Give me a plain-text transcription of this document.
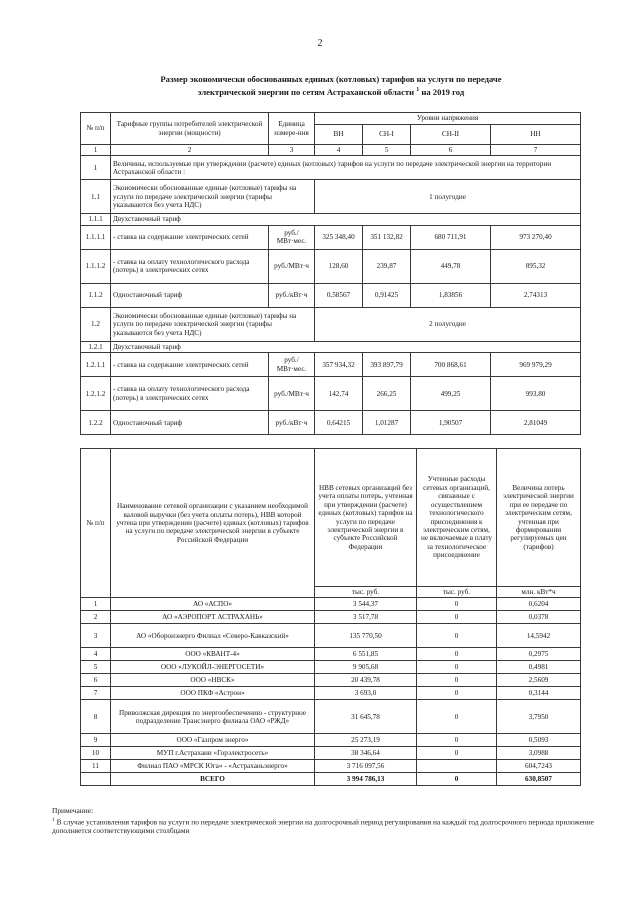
2
Размер экономически обоснованных единых (котловых) тарифов на услуги по передаче
электрической энергии по сетям Астраханской области $^1$ на 2019 год
№ п/п	Тарифные группы потребителей электрической энергии (мощности)	Единица измере-ния	Уровни напряжения			
			ВН	СН-I	СН-II	НН
1	2	3	4	5	6	7
1	Величины, используемые при утверждении (расчете) единых (котловых) тарифов на услуги по передаче электрической энергии на территории Астраханской области :					
1.1	Экономически обоснованные единые (котловые) тарифы на услуги по передаче электрической энергии (тарифы указываются без учета НДС)		1 полугодие			
1.1.1	Двухставочный тариф					
1.1.1.1	- ставка на содержание электрических сетей	руб./МВт·мес.	325 348,40	351 132,82	680 711,91	973 270,40
1.1.1.2	- ставка на оплату технологического расхода (потерь) в электрических сетях	руб./МВт·ч	128,60	239,87	449,78	895,32
1.1.2	Одноставочный тариф	руб./кВт·ч	0,58567	0,91425	1,83856	2,74313
1.2	Экономически обоснованные единые (котловые) тарифы на услуги по передаче электрической энергии (тарифы указываются без учета НДС)		2 полугодие			
1.2.1	Двухставочный тариф					
1.2.1.1	- ставка на содержание электрических сетей	руб./МВт·мес.	357 934,32	393 897,79	700 868,61	969 979,29
1.2.1.2	- ставка на оплату технологического расхода (потерь) в электрических сетях	руб./МВт·ч	142,74	266,25	499,25	993,80
1.2.2	Одноставочный тариф	руб./кВт·ч	0,64215	1,01287	1,90507	2,81049
№ п/п	Наименование сетевой организации с указанием необходимой валовой выручки (без учета оплаты потерь), НВВ которой учтена при утверждении (расчете) единых (котловых) тарифов на услуги по передаче электрической энергии в субъекте Российской Федерации	НВВ сетевых организаций без учета оплаты потерь, учтенная при утверждении (расчете) единых (котловых) тарифов на услуги по передаче электрической энергии в субъекте Российской Федерации	Учтенные расходы сетевых организаций, связанные с осуществлением технологического присоединения к электрическим сетям, не включаемые в плату за технологическое присоединение	Величина потерь электрической энергии при ее передаче по электрическим сетям, учтенная при формировании регулируемых цен (тарифов)
		тыс. руб.	тыс. руб.	млн. кВт*ч
1	АО «АСПО»	3 544,37	0	0,6204
2	АО «АЭРОПОРТ АСТРАХАНЬ»	3 517,78	0	0,0378
3	АО «Оборонэнерго Филиал «Северо-Кавказский»	135 770,50	0	14,5942
4	ООО «КВАНТ-4»	6 551,85	0	0,2975
5	ООО «ЛУКОЙЛ-ЭНЕРГОСЕТИ»	9 905,68	0	0,4981
6	ООО «НВСК»	20 439,78	0	2,5609
7	ООО ПКФ «Астрон»	3 693,0	0	0,3144
8	Приволжская дирекция по энергообеспечению - структурное подразделение Трансэнерго филиала ОАО «РЖД»	31 645,78	0	3,7950
9	ООО «Газпром энерго»	25 273,19	0	0,5093
10	МУП г.Астрахани «Горэлектросеть»	38 346,64	0	3,0988
11	Филиал ПАО «МРСК Юга» - «Астраханьэнерго»	3 716 097,56		604,7243
	ВСЕГО	3 994 786,13	0	630,8507
Примечание:
$^1$ В случае установления тарифов на услуги по передаче электрической энергии на долгосрочный период регулирования на каждый год долгосрочного периода приложение дополняется соответствующими столбцами
